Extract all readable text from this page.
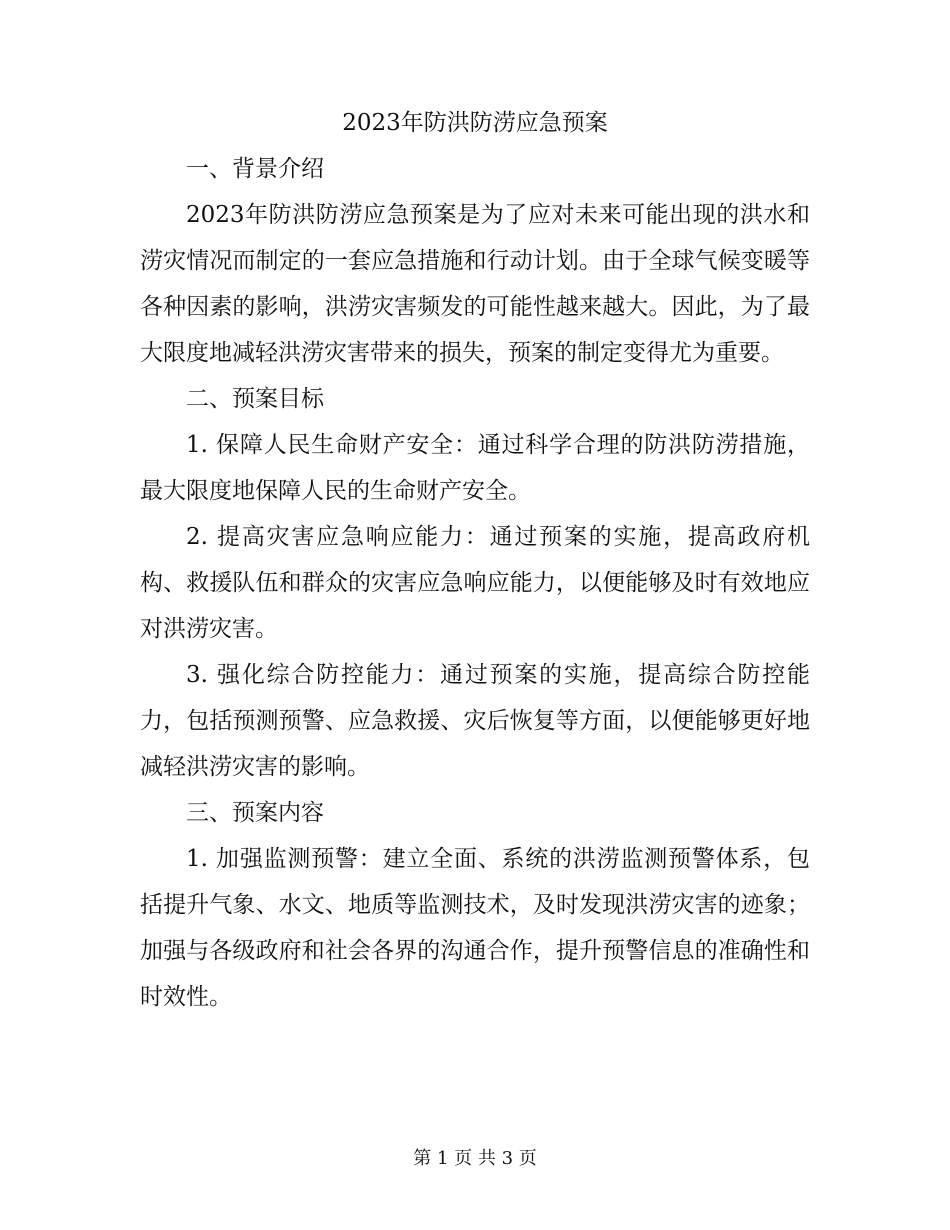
2023年防洪防涝应急预案

一、背景介绍

2023年防洪防涝应急预案是为了应对未来可能出现的洪水和涝灾情况而制定的一套应急措施和行动计划。由于全球气候变暖等各种因素的影响，洪涝灾害频发的可能性越来越大。因此，为了最大限度地减轻洪涝灾害带来的损失，预案的制定变得尤为重要。

二、预案目标

1. 保障人民生命财产安全：通过科学合理的防洪防涝措施，最大限度地保障人民的生命财产安全。

2. 提高灾害应急响应能力：通过预案的实施，提高政府机构、救援队伍和群众的灾害应急响应能力，以便能够及时有效地应对洪涝灾害。

3. 强化综合防控能力：通过预案的实施，提高综合防控能力，包括预测预警、应急救援、灾后恢复等方面，以便能够更好地减轻洪涝灾害的影响。

三、预案内容

1. 加强监测预警：建立全面、系统的洪涝监测预警体系，包括提升气象、水文、地质等监测技术，及时发现洪涝灾害的迹象；加强与各级政府和社会各界的沟通合作，提升预警信息的准确性和时效性。

第 1 页 共 3 页
